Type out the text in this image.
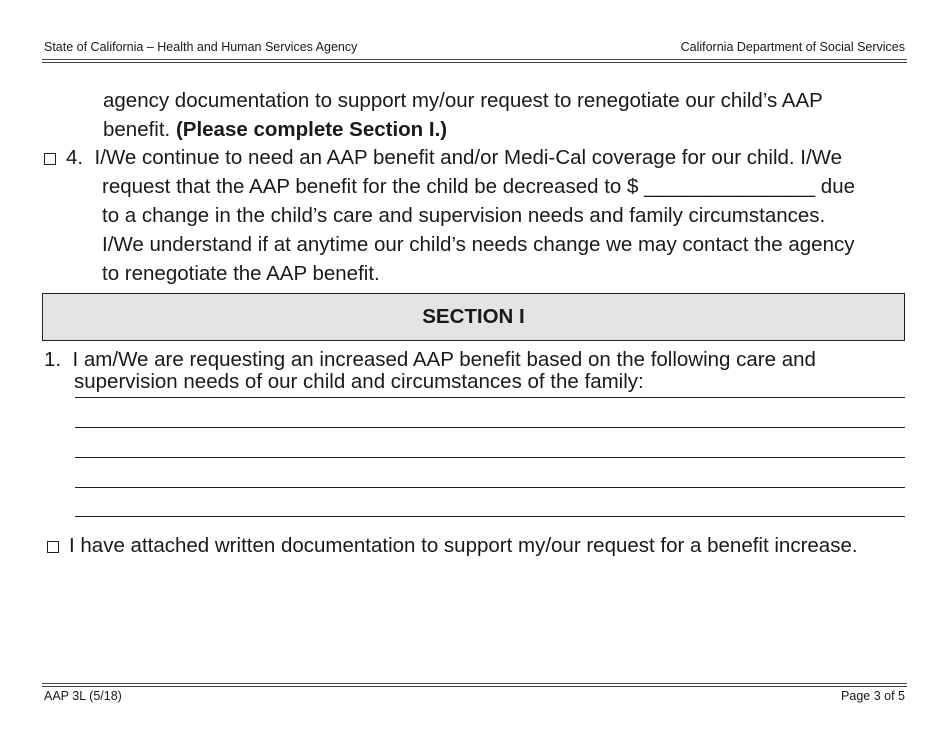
State of California – Health and Human Services Agency	California Department of Social Services
agency documentation to support my/our request to renegotiate our child’s AAP
benefit. (Please complete Section I.)
4. I/We continue to need an AAP benefit and/or Medi-Cal coverage for our child. I/We
request that the AAP benefit for the child be decreased to $ _______________ due
to a change in the child’s care and supervision needs and family circumstances.
I/We understand if at anytime our child’s needs change we may contact the agency
to renegotiate the AAP benefit.
SECTION I
1. I am/We are requesting an increased AAP benefit based on the following care and
supervision needs of our child and circumstances of the family:
I have attached written documentation to support my/our request for a benefit increase.
AAP 3L (5/18)	Page 3 of 5
